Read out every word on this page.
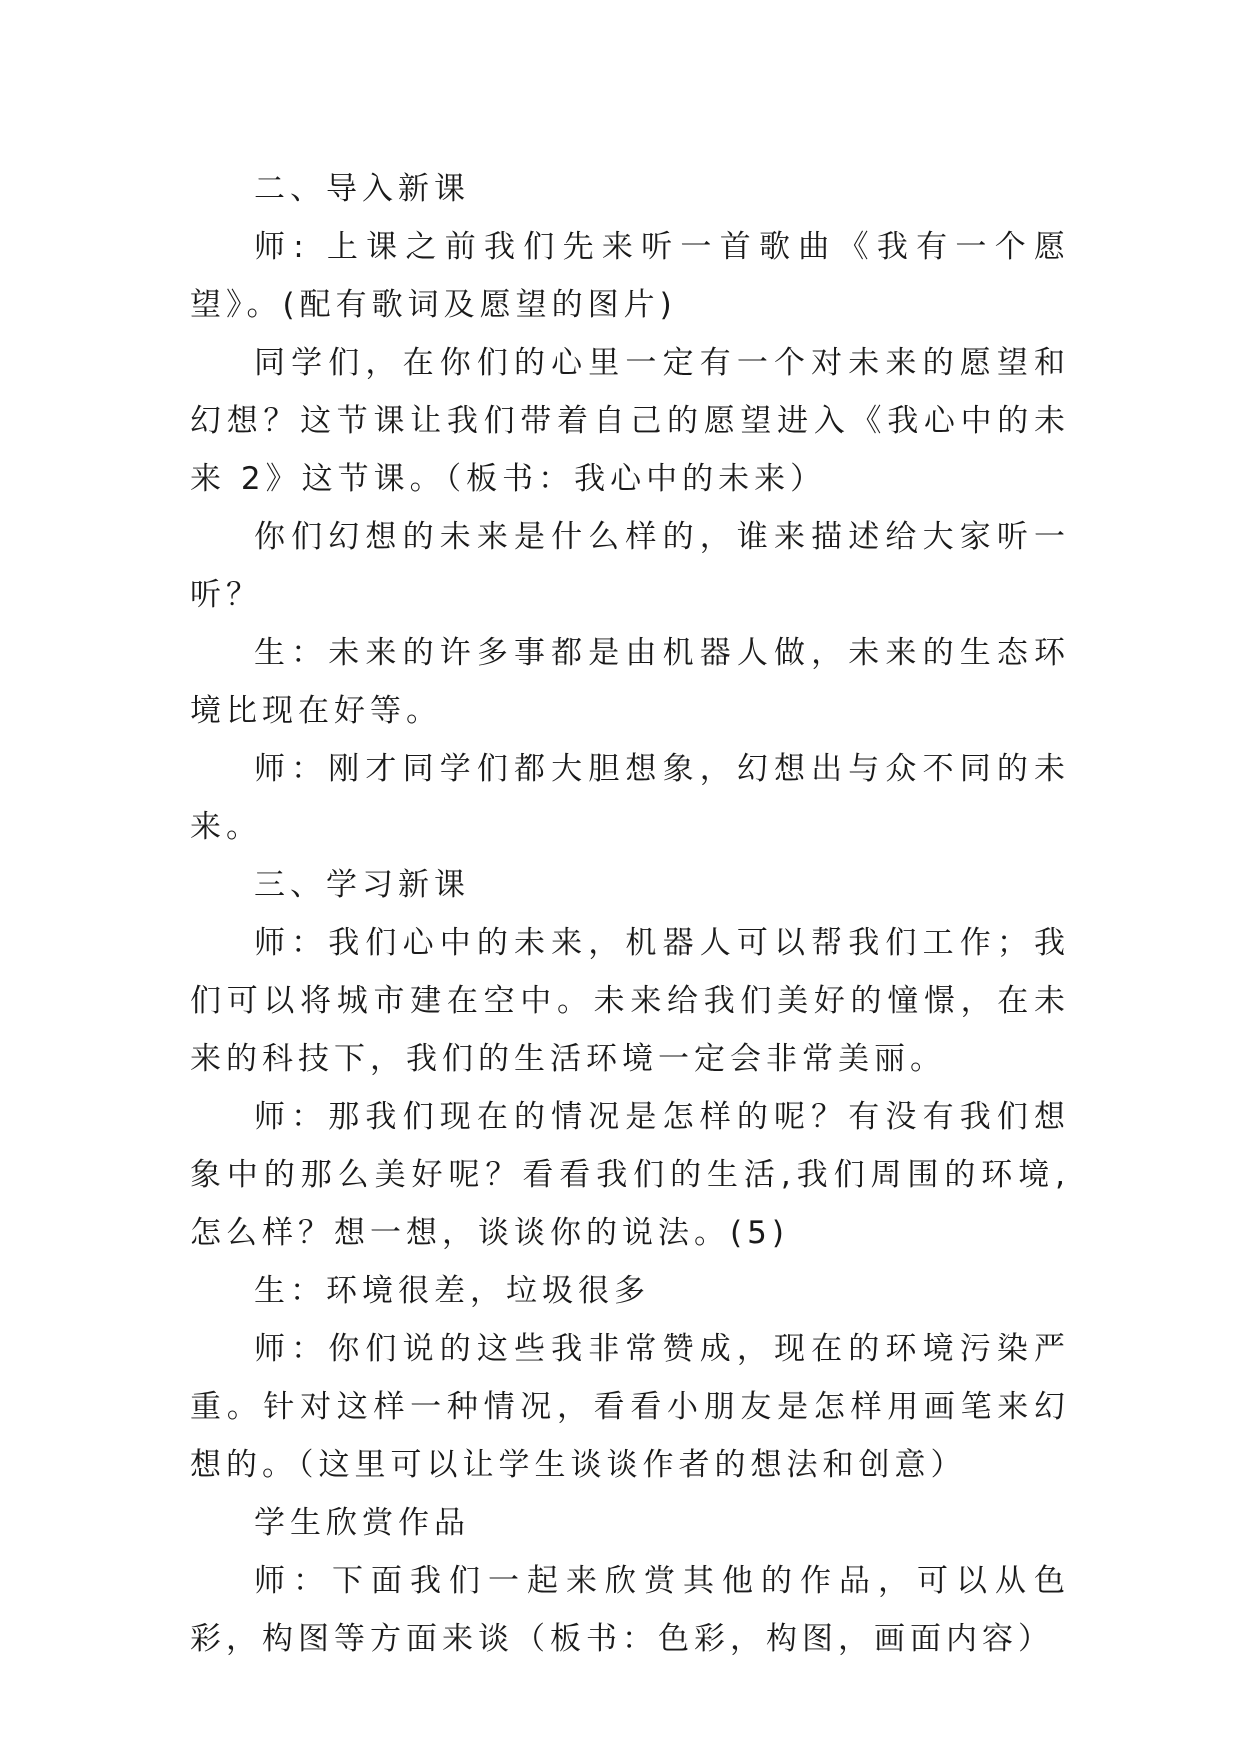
二、导入新课

师: 上课之前我们先来听一首歌曲《我有一个愿望》。(配有歌词及愿望的图片)

同学们，在你们的心里一定有一个对未来的愿望和幻想？这节课让我们带着自己的愿望进入《我心中的未来 2》这节课。（板书：我心中的未来）

你们幻想的未来是什么样的，谁来描述给大家听一听？

生：未来的许多事都是由机器人做，未来的生态环境比现在好等。

师：刚才同学们都大胆想象，幻想出与众不同的未来。

三、学习新课

师：我们心中的未来，机器人可以帮我们工作；我们可以将城市建在空中。未来给我们美好的憧憬，在未来的科技下，我们的生活环境一定会非常美丽。

师：那我们现在的情况是怎样的呢？有没有我们想象中的那么美好呢？看看我们的生活,我们周围的环境,怎么样？想一想，谈谈你的说法。(5)

生：环境很差，垃圾很多

师：你们说的这些我非常赞成，现在的环境污染严重。针对这样一种情况，看看小朋友是怎样用画笔来幻想的。（这里可以让学生谈谈作者的想法和创意）

学生欣赏作品

师：下面我们一起来欣赏其他的作品，可以从色彩，构图等方面来谈（板书：色彩，构图，画面内容）
